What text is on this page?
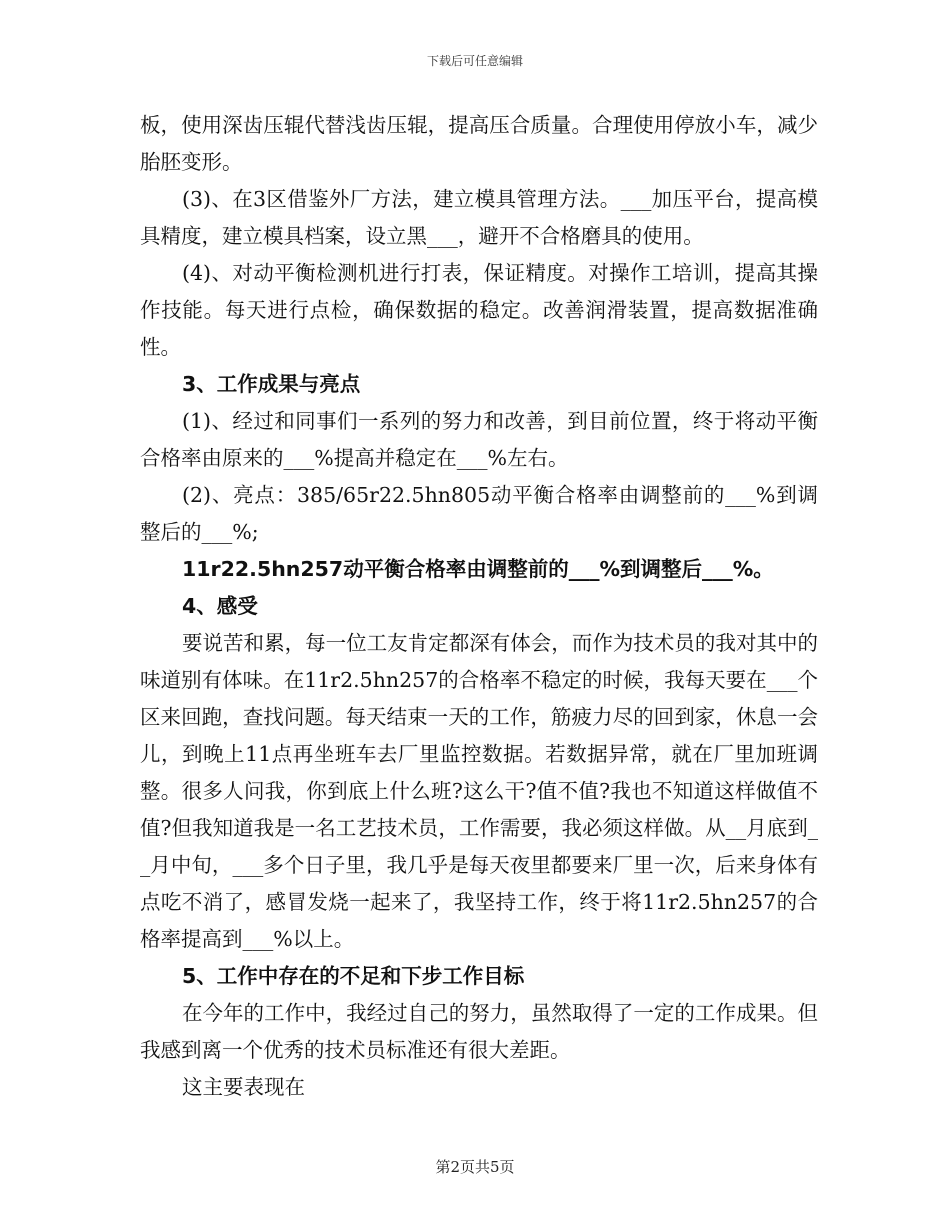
下载后可任意编辑

板，使用深齿压辊代替浅齿压辊，提高压合质量。合理使用停放小车，减少胎胚变形。

(3)、在3区借鉴外厂方法，建立模具管理方法。___加压平台，提高模具精度，建立模具档案，设立黑___，避开不合格磨具的使用。

(4)、对动平衡检测机进行打表，保证精度。对操作工培训，提高其操作技能。每天进行点检，确保数据的稳定。改善润滑装置，提高数据准确性。

3、工作成果与亮点

(1)、经过和同事们一系列的努力和改善，到目前位置，终于将动平衡合格率由原来的___%提高并稳定在___%左右。

(2)、亮点：385/65r22.5hn805动平衡合格率由调整前的___%到调整后的___%;

11r22.5hn257动平衡合格率由调整前的___%到调整后___%。

4、感受

要说苦和累，每一位工友肯定都深有体会，而作为技术员的我对其中的味道别有体味。在11r2.5hn257的合格率不稳定的时候，我每天要在___个区来回跑，查找问题。每天结束一天的工作，筋疲力尽的回到家，休息一会儿，到晚上11点再坐班车去厂里监控数据。若数据异常，就在厂里加班调整。很多人问我，你到底上什么班?这么干?值不值?我也不知道这样做值不值?但我知道我是一名工艺技术员，工作需要，我必须这样做。从__月底到__月中旬，___多个日子里，我几乎是每天夜里都要来厂里一次，后来身体有点吃不消了，感冒发烧一起来了，我坚持工作，终于将11r2.5hn257的合格率提高到___%以上。

5、工作中存在的不足和下步工作目标

在今年的工作中，我经过自己的努力，虽然取得了一定的工作成果。但我感到离一个优秀的技术员标准还有很大差距。

这主要表现在

第2页共5页
